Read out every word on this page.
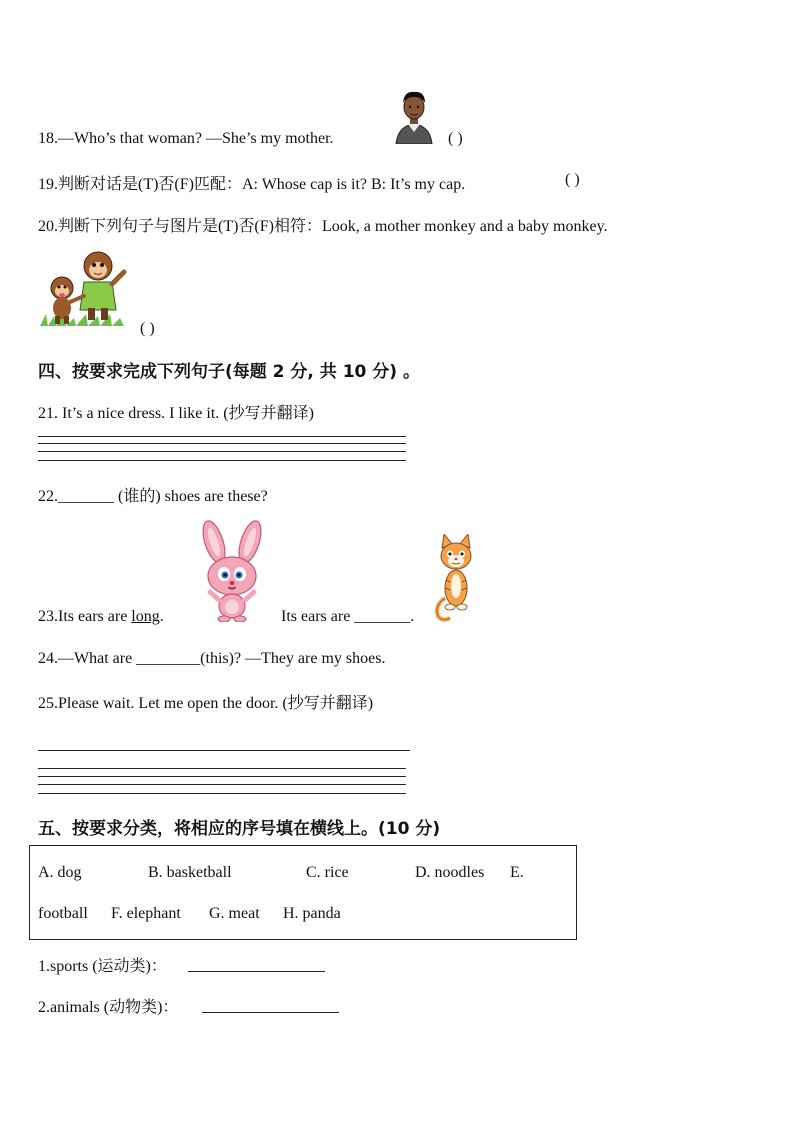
18.—Who’s that woman? —She’s my mother.	( )
19.判断对话是(T)否(F)匹配：A: Whose cap is it? B: It’s my cap.	( )
20.判断下列句子与图片是(T)否(F)相符：Look, a mother monkey and a baby monkey.
( )
四、按要求完成下列句子(每题 2 分, 共 10 分) 。
21. It’s a nice dress. I like it. (抄写并翻译)
22._______ (谁的) shoes are these?
23.Its ears are long.	Its ears are _______.
24.—What are ________(this)? —They are my shoes.
25.Please wait. Let me open the door. (抄写并翻译)
五、按要求分类，将相应的序号填在横线上。(10 分)
A. dog	B. basketball	C. rice	D. noodles E.
football F. elephant G. meat H. panda
1.sports (运动类)：
2.animals (动物类)：
